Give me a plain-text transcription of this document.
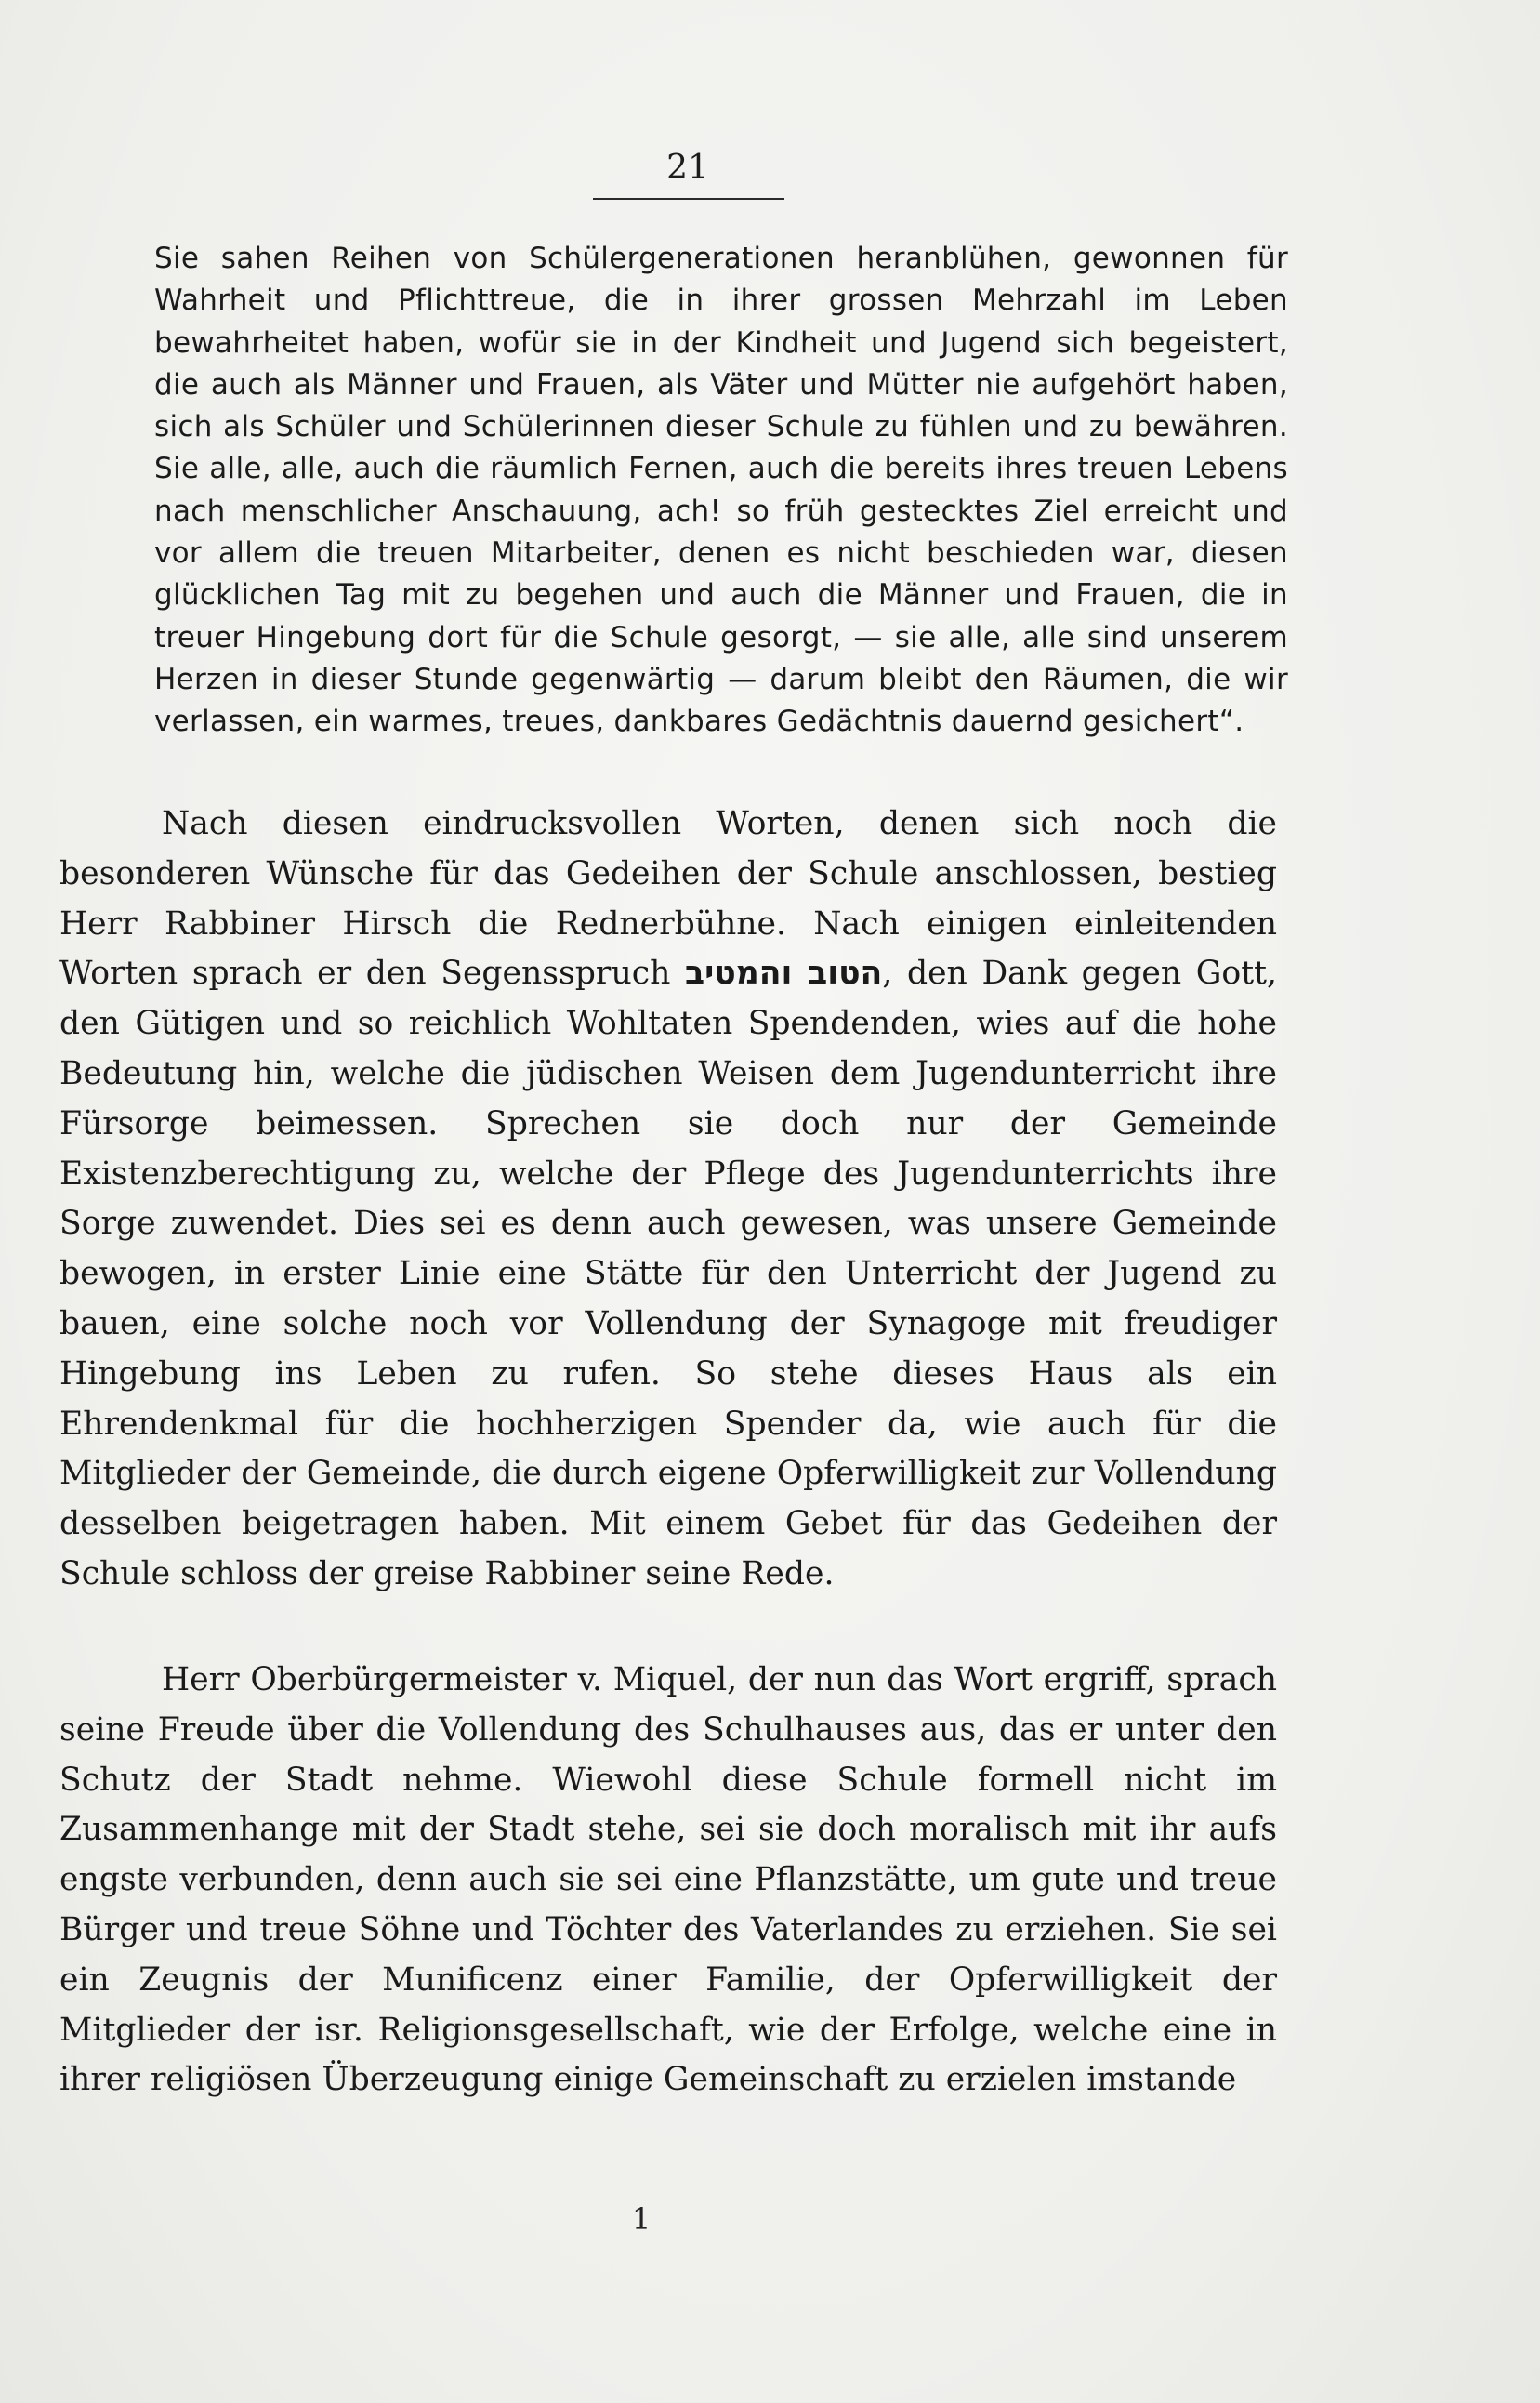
21

Sie sahen Reihen von Schülergenerationen heranblühen, gewonnen für Wahrheit und Pflichttreue, die in ihrer grossen Mehrzahl im Leben bewahrheitet haben, wofür sie in der Kindheit und Jugend sich begeistert, die auch als Männer und Frauen, als Väter und Mütter nie aufgehört haben, sich als Schüler und Schülerinnen dieser Schule zu fühlen und zu bewähren. Sie alle, alle, auch die räumlich Fernen, auch die bereits ihres treuen Lebens nach menschlicher Anschauung, ach! so früh gestecktes Ziel erreicht und vor allem die treuen Mitarbeiter, denen es nicht beschieden war, diesen glücklichen Tag mit zu begehen und auch die Männer und Frauen, die in treuer Hingebung dort für die Schule gesorgt, — sie alle, alle sind unserem Herzen in dieser Stunde gegenwärtig — darum bleibt den Räumen, die wir verlassen, ein warmes, treues, dankbares Gedächtnis dauernd gesichert“.

Nach diesen eindrucksvollen Worten, denen sich noch die besonderen Wünsche für das Gedeihen der Schule anschlossen, bestieg Herr Rabbiner Hirsch die Rednerbühne. Nach einigen einleitenden Worten sprach er den Segensspruch הטוב והמטיב, den Dank gegen Gott, den Gütigen und so reichlich Wohltaten Spendenden, wies auf die hohe Bedeutung hin, welche die jüdischen Weisen dem Jugendunterricht ihre Fürsorge beimessen. Sprechen sie doch nur der Gemeinde Existenzberechtigung zu, welche der Pflege des Jugendunterrichts ihre Sorge zuwendet. Dies sei es denn auch gewesen, was unsere Gemeinde bewogen, in erster Linie eine Stätte für den Unterricht der Jugend zu bauen, eine solche noch vor Vollendung der Synagoge mit freudiger Hingebung ins Leben zu rufen. So stehe dieses Haus als ein Ehrendenkmal für die hochherzigen Spender da, wie auch für die Mitglieder der Gemeinde, die durch eigene Opferwilligkeit zur Vollendung desselben beigetragen haben. Mit einem Gebet für das Gedeihen der Schule schloss der greise Rabbiner seine Rede.

Herr Oberbürgermeister v. Miquel, der nun das Wort ergriff, sprach seine Freude über die Vollendung des Schulhauses aus, das er unter den Schutz der Stadt nehme. Wiewohl diese Schule formell nicht im Zusammenhange mit der Stadt stehe, sei sie doch moralisch mit ihr aufs engste verbunden, denn auch sie sei eine Pflanzstätte, um gute und treue Bürger und treue Söhne und Töchter des Vaterlandes zu erziehen. Sie sei ein Zeugnis der Munificenz einer Familie, der Opferwilligkeit der Mitglieder der isr. Religionsgesellschaft, wie der Erfolge, welche eine in ihrer religiösen Überzeugung einige Gemeinschaft zu erzielen imstande

1
